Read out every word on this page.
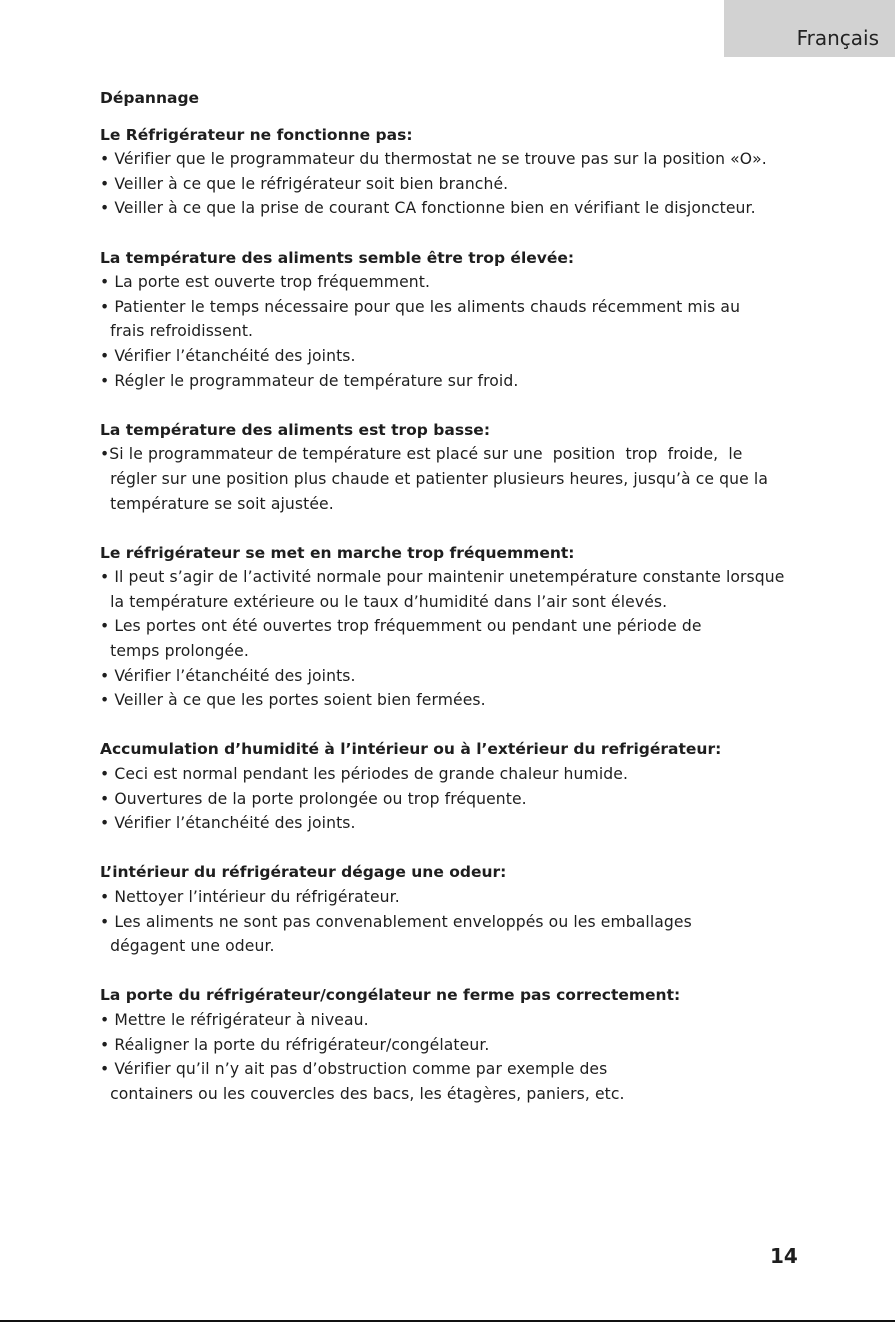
Français
Dépannage
Le Réfrigérateur ne fonctionne pas:
• Vérifier que le programmateur du thermostat ne se trouve pas sur la position «O».
• Veiller à ce que le réfrigérateur soit bien branché.
• Veiller à ce que la prise de courant CA fonctionne bien en vérifiant le disjoncteur.
La température des aliments semble être trop élevée:
• La porte est ouverte trop fréquemment.
• Patienter le temps nécessaire pour que les aliments chauds récemment mis au
frais refroidissent.
• Vérifier l’étanchéité des joints.
• Régler le programmateur de température sur froid.
La température des aliments est trop basse:
•Si le programmateur de température est placé sur une  position  trop  froide,  le
régler sur une position plus chaude et patienter plusieurs heures, jusqu’à ce que la
température se soit ajustée.
Le réfrigérateur se met en marche trop fréquemment:
• Il peut s’agir de l’activité normale pour maintenir unetempérature constante lorsque
la température extérieure ou le taux d’humidité dans l’air sont élevés.
• Les portes ont été ouvertes trop fréquemment ou pendant une période de
temps prolongée.
• Vérifier l’étanchéité des joints.
• Veiller à ce que les portes soient bien fermées.
Accumulation d’humidité à l’intérieur ou à l’extérieur du refrigérateur:
• Ceci est normal pendant les périodes de grande chaleur humide.
• Ouvertures de la porte prolongée ou trop fréquente.
• Vérifier l’étanchéité des joints.
L’intérieur du réfrigérateur dégage une odeur:
• Nettoyer l’intérieur du réfrigérateur.
• Les aliments ne sont pas convenablement enveloppés ou les emballages
dégagent une odeur.
La porte du réfrigérateur/congélateur ne ferme pas correctement:
• Mettre le réfrigérateur à niveau.
• Réaligner la porte du réfrigérateur/congélateur.
• Vérifier qu’il n’y ait pas d’obstruction comme par exemple des
containers ou les couvercles des bacs, les étagères, paniers, etc.
14
